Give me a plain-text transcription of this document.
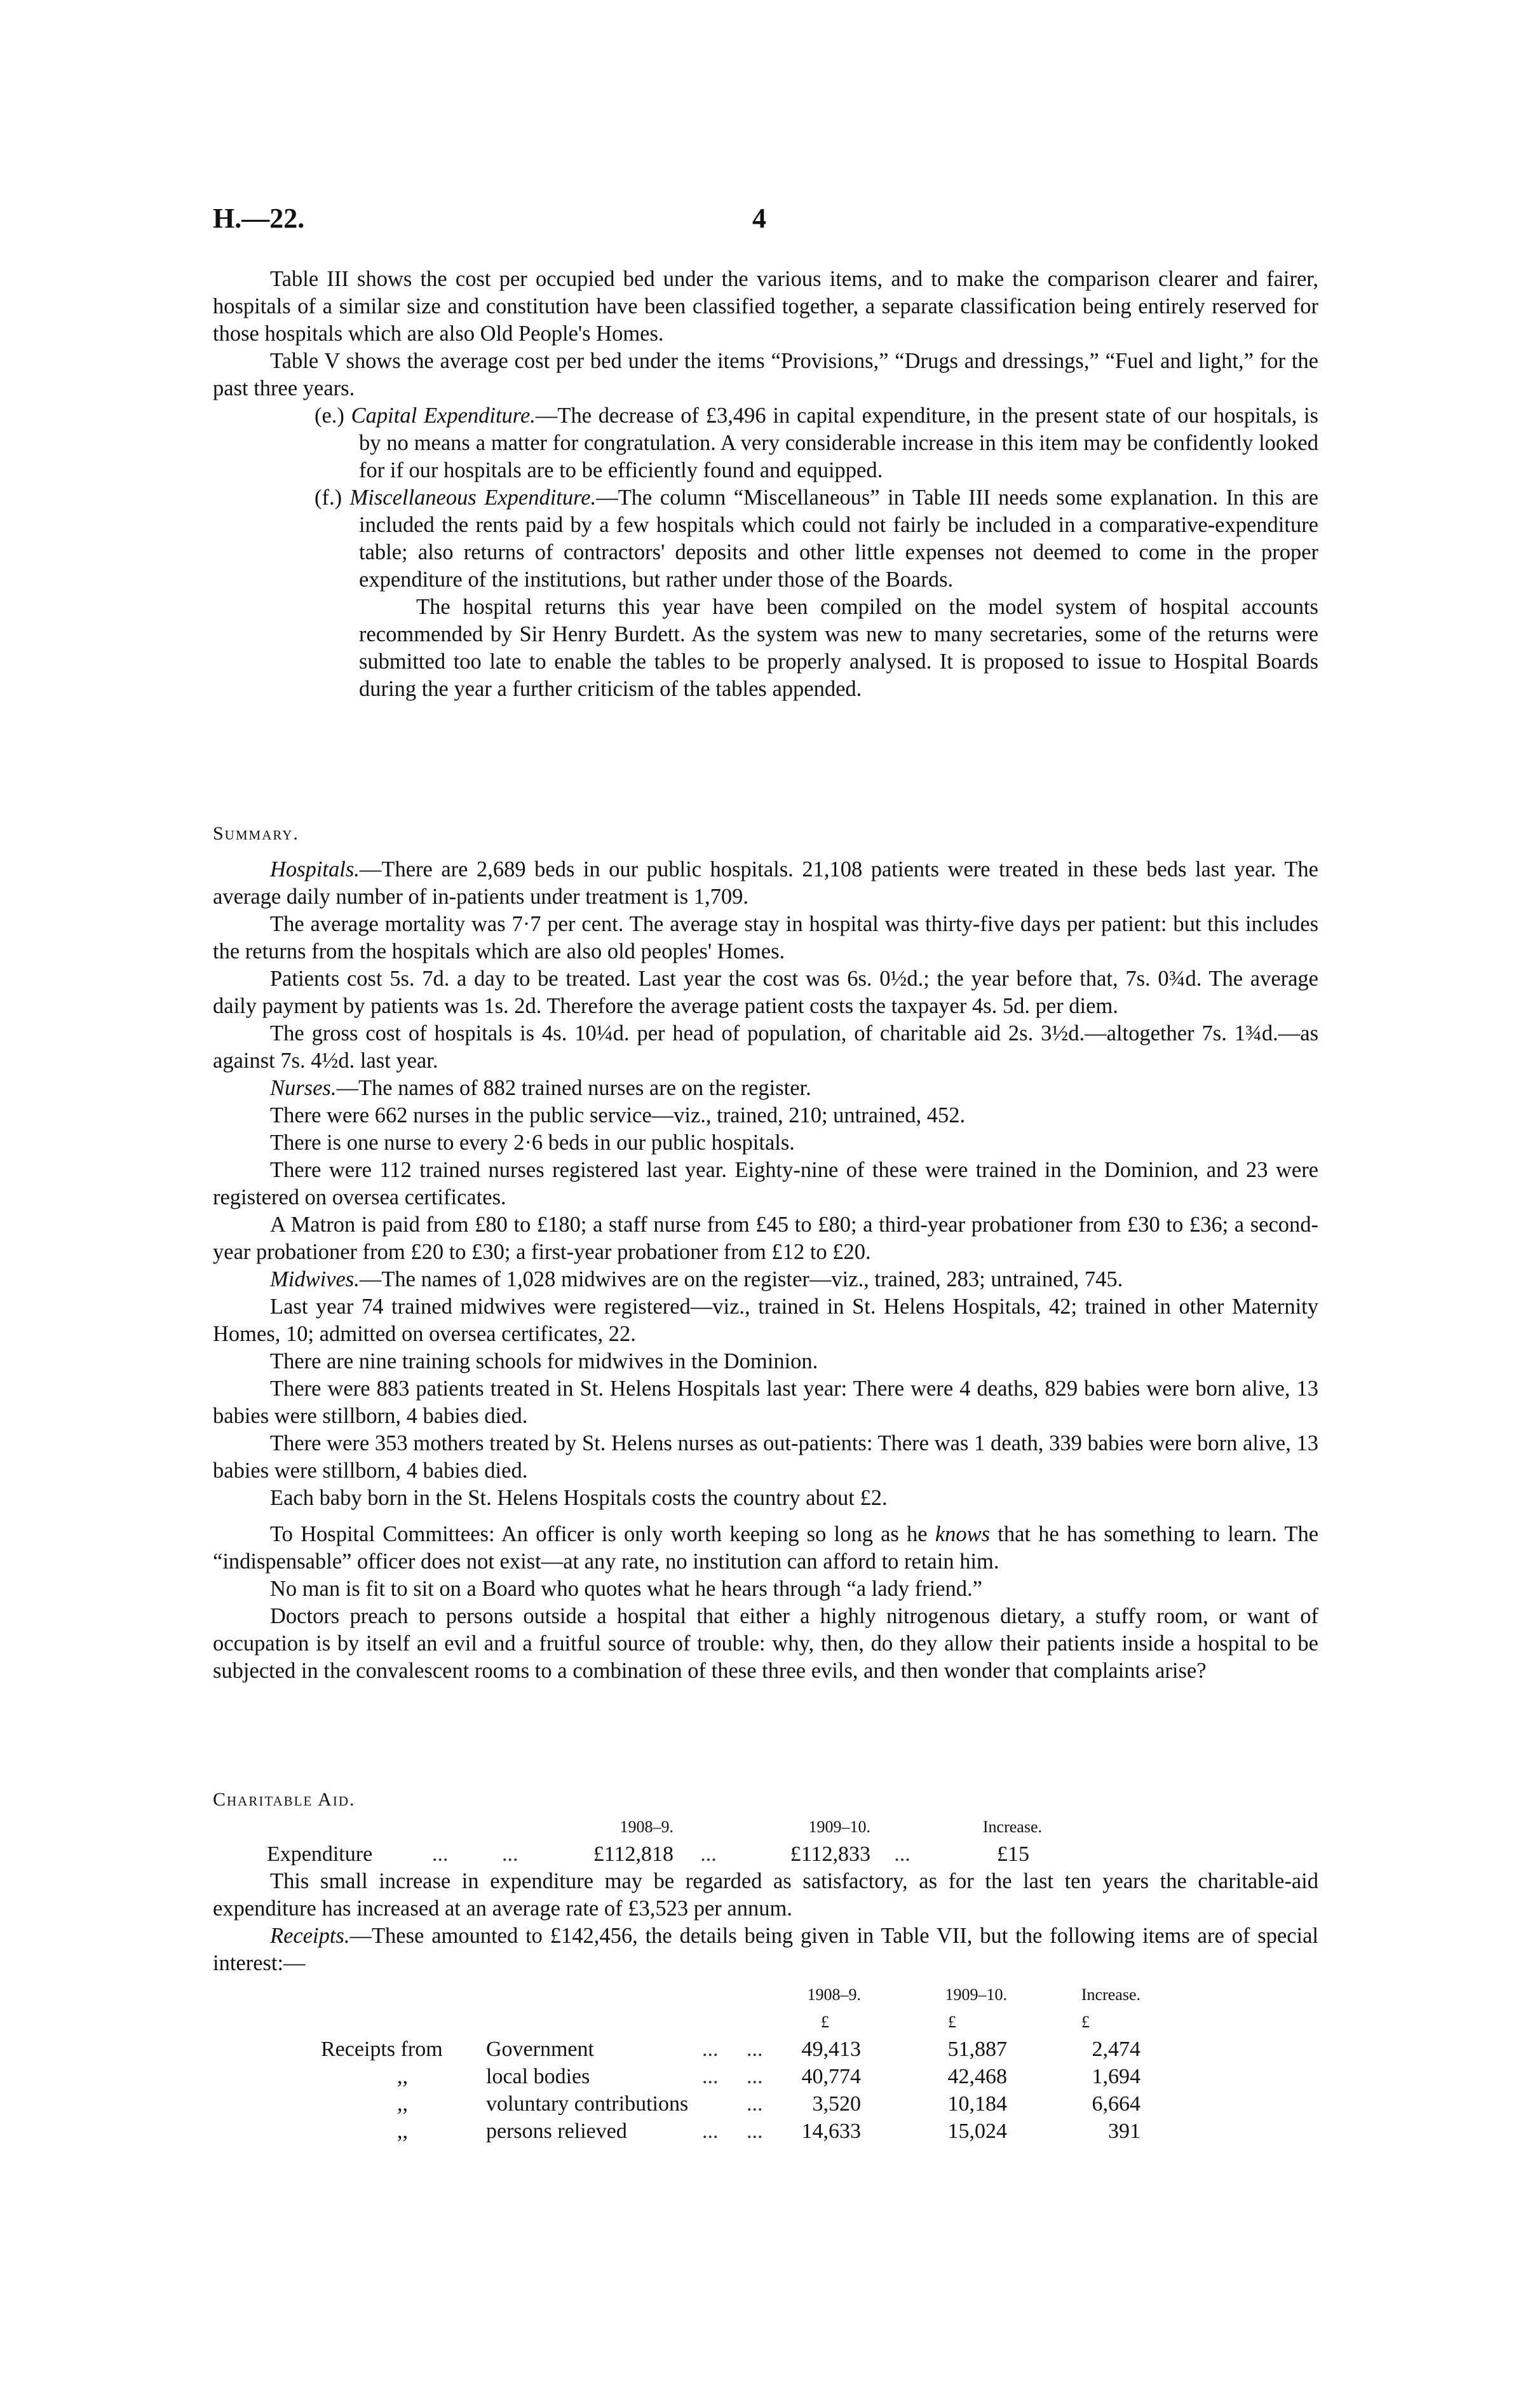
H.—22.	4

Table III shows the cost per occupied bed under the various items, and to make the comparison clearer and fairer, hospitals of a similar size and constitution have been classified together, a separate classification being entirely reserved for those hospitals which are also Old People's Homes.

Table V shows the average cost per bed under the items “Provisions,” “Drugs and dressings,” “Fuel and light,” for the past three years.

(e.) Capital Expenditure.—The decrease of £3,496 in capital expenditure, in the present state of our hospitals, is by no means a matter for congratulation. A very considerable increase in this item may be confidently looked for if our hospitals are to be efficiently found and equipped.

(f.) Miscellaneous Expenditure.—The column “Miscellaneous” in Table III needs some explanation. In this are included the rents paid by a few hospitals which could not fairly be included in a comparative-expenditure table; also returns of contractors' deposits and other little expenses not deemed to come in the proper expenditure of the institutions, but rather under those of the Boards.

The hospital returns this year have been compiled on the model system of hospital accounts recommended by Sir Henry Burdett. As the system was new to many secretaries, some of the returns were submitted too late to enable the tables to be properly analysed. It is proposed to issue to Hospital Boards during the year a further criticism of the tables appended.

Summary.

Hospitals.—There are 2,689 beds in our public hospitals. 21,108 patients were treated in these beds last year. The average daily number of in-patients under treatment is 1,709.

The average mortality was 7·7 per cent. The average stay in hospital was thirty-five days per patient: but this includes the returns from the hospitals which are also old peoples' Homes.

Patients cost 5s. 7d. a day to be treated. Last year the cost was 6s. 0½d.; the year before that, 7s. 0¾d. The average daily payment by patients was 1s. 2d. Therefore the average patient costs the taxpayer 4s. 5d. per diem.

The gross cost of hospitals is 4s. 10¼d. per head of population, of charitable aid 2s. 3½d.—altogether 7s. 1¾d.—as against 7s. 4½d. last year.

Nurses.—The names of 882 trained nurses are on the register.

There were 662 nurses in the public service—viz., trained, 210; untrained, 452.

There is one nurse to every 2·6 beds in our public hospitals.

There were 112 trained nurses registered last year. Eighty-nine of these were trained in the Dominion, and 23 were registered on oversea certificates.

A Matron is paid from £80 to £180; a staff nurse from £45 to £80; a third-year probationer from £30 to £36; a second-year probationer from £20 to £30; a first-year probationer from £12 to £20.

Midwives.—The names of 1,028 midwives are on the register—viz., trained, 283; untrained, 745.

Last year 74 trained midwives were registered—viz., trained in St. Helens Hospitals, 42; trained in other Maternity Homes, 10; admitted on oversea certificates, 22.

There are nine training schools for midwives in the Dominion.

There were 883 patients treated in St. Helens Hospitals last year: There were 4 deaths, 829 babies were born alive, 13 babies were stillborn, 4 babies died.

There were 353 mothers treated by St. Helens nurses as out-patients: There was 1 death, 339 babies were born alive, 13 babies were stillborn, 4 babies died.

Each baby born in the St. Helens Hospitals costs the country about £2.

To Hospital Committees: An officer is only worth keeping so long as he knows that he has something to learn. The “indispensable” officer does not exist—at any rate, no institution can afford to retain him.

No man is fit to sit on a Board who quotes what he hears through “a lady friend.”

Doctors preach to persons outside a hospital that either a highly nitrogenous dietary, a stuffy room, or want of occupation is by itself an evil and a fruitful source of trouble: why, then, do they allow their patients inside a hospital to be subjected in the convalescent rooms to a combination of these three evils, and then wonder that complaints arise?

Charitable Aid.

			1908–9.		1909–10.		Increase.
Expenditure	...	...	£112,818	...	£112,833	...	£15

This small increase in expenditure may be regarded as satisfactory, as for the last ten years the charitable-aid expenditure has increased at an average rate of £3,523 per annum.

Receipts.—These amounted to £142,456, the details being given in Table VII, but the following items are of special interest:—

				1908–9.	1909–10.	Increase.
				£	£	£
Receipts from	Government	...	...	49,413	51,887	2,474
,,	local bodies	...	...	40,774	42,468	1,694
,,	voluntary contributions		...	3,520	10,184	6,664
,,	persons relieved	...	...	14,633	15,024	391
